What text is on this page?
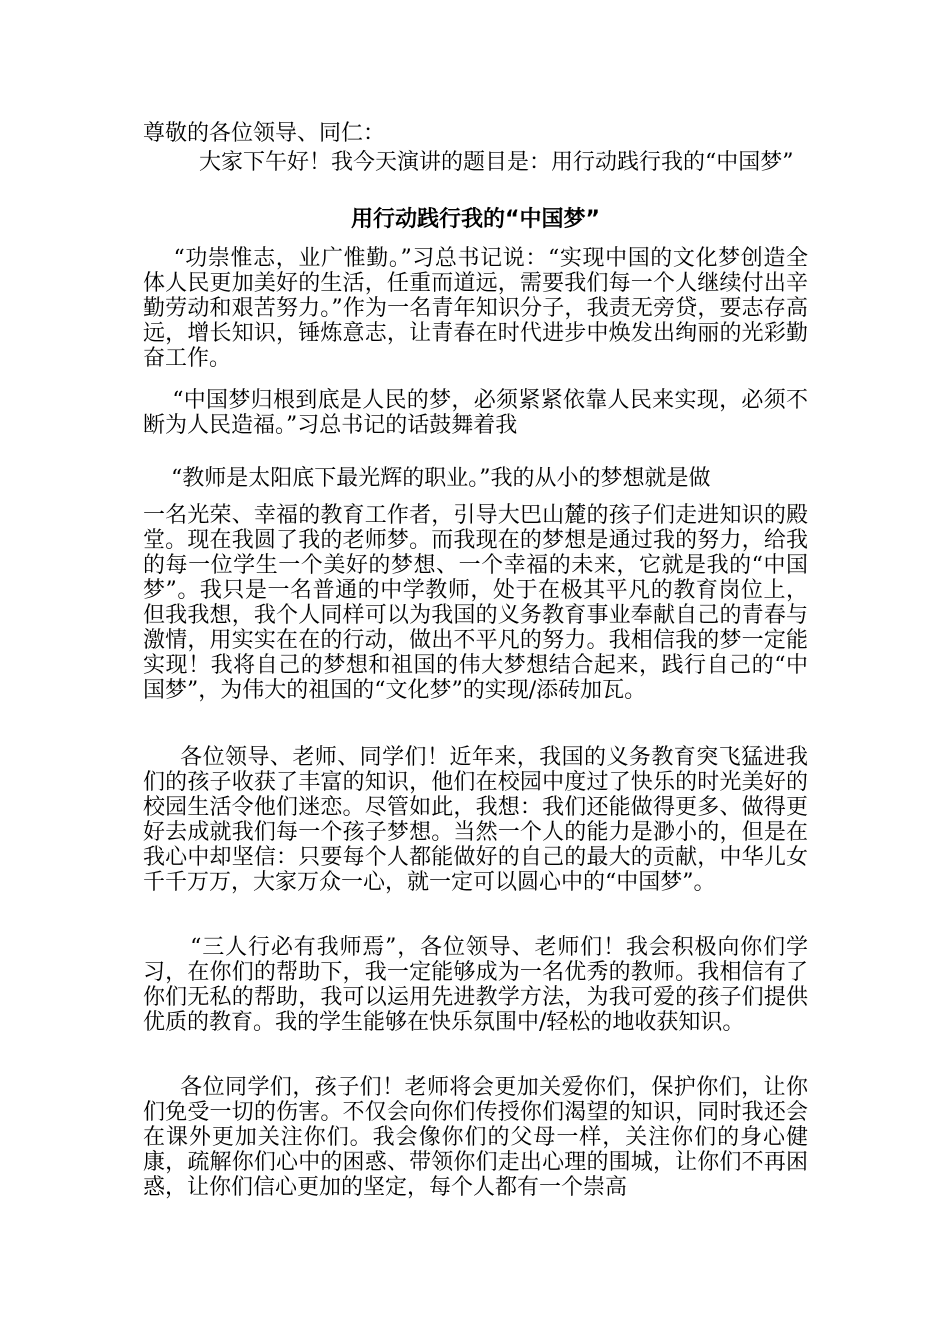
尊敬的各位领导、同仁：

大家下午好！我今天演讲的题目是：用行动践行我的“中国梦”

用行动践行我的“中国梦”

“功崇惟志，业广惟勤。”习总书记说：“实现中国的文化梦创造全体人民更加美好的生活，任重而道远，需要我们每一个人继续付出辛勤劳动和艰苦努力。”作为一名青年知识分子，我责无旁贷，要志存高远，增长知识，锤炼意志，让青春在时代进步中焕发出绚丽的光彩勤奋工作。

“中国梦归根到底是人民的梦，必须紧紧依靠人民来实现，必须不断为人民造福。”习总书记的话鼓舞着我

“教师是太阳底下最光辉的职业。”我的从小的梦想就是做

一名光荣、幸福的教育工作者，引导大巴山麓的孩子们走进知识的殿堂。现在我圆了我的老师梦。而我现在的梦想是通过我的努力，给我的每一位学生一个美好的梦想、一个幸福的未来，它就是我的“中国梦”。我只是一名普通的中学教师，处于在极其平凡的教育岗位上，但我我想，我个人同样可以为我国的义务教育事业奉献自己的青春与激情，用实实在在的行动，做出不平凡的努力。我相信我的梦一定能实现！我将自己的梦想和祖国的伟大梦想结合起来，践行自己的“中国梦”，为伟大的祖国的“文化梦”的实现/添砖加瓦。

各位领导、老师、同学们！近年来，我国的义务教育突飞猛进我们的孩子收获了丰富的知识，他们在校园中度过了快乐的时光美好的校园生活令他们迷恋。尽管如此，我想：我们还能做得更多、做得更好去成就我们每一个孩子梦想。当然一个人的能力是渺小的，但是在我心中却坚信：只要每个人都能做好的自己的最大的贡献，中华儿女千千万万，大家万众一心，就一定可以圆心中的“中国梦”。

“三人行必有我师焉”，各位领导、老师们！我会积极向你们学习，在你们的帮助下，我一定能够成为一名优秀的教师。我相信有了你们无私的帮助，我可以运用先进教学方法，为我可爱的孩子们提供优质的教育。我的学生能够在快乐氛围中/轻松的地收获知识。

各位同学们，孩子们！老师将会更加关爱你们，保护你们，让你们免受一切的伤害。不仅会向你们传授你们渴望的知识，同时我还会在课外更加关注你们。我会像你们的父母一样，关注你们的身心健康，疏解你们心中的困惑、带领你们走出心理的围城，让你们不再困惑，让你们信心更加的坚定，每个人都有一个崇高
